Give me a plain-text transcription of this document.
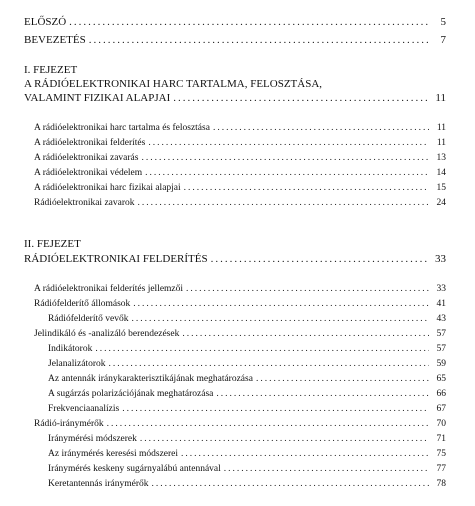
ELŐSZÓ .....	5
BEVEZETÉS .....	7
I. FEJEZET
A RÁDIÓELEKTRONIKAI HARC TARTALMA, FELOSZTÁSA,
VALAMINT FIZIKAI ALAPJAI .....	11
A rádióelektronikai harc tartalma és felosztása .....	11
A rádióelektronikai felderítés .....	11
A rádióelektronikai zavarás .....	13
A rádióelektronikai védelem .....	14
A rádióelektronikai harc fizikai alapjai .....	15
Rádióelektronikai zavarok .....	24
II. FEJEZET
RÁDIÓELEKTRONIKAI FELDERÍTÉS .....	33
A rádióelektronikai felderítés jellemzői .....	33
Rádiófelderítő állomások .....	41
Rádiófelderítő vevők .....	43
Jelindikáló és -analizáló berendezések .....	57
Indikátorok .....	57
Jelanalizátorok .....	59
Az antennák iránykarakterisztikájának meghatározása .....	65
A sugárzás polarizációjának meghatározása .....	66
Frekvenciaanalízis .....	67
Rádió-iránymérők .....	70
Iránymérési módszerek .....	71
Az iránymérés keresési módszerei .....	75
Iránymérés keskeny sugárnyalábú antennával .....	77
Keretantennás iránymérők .....	78
